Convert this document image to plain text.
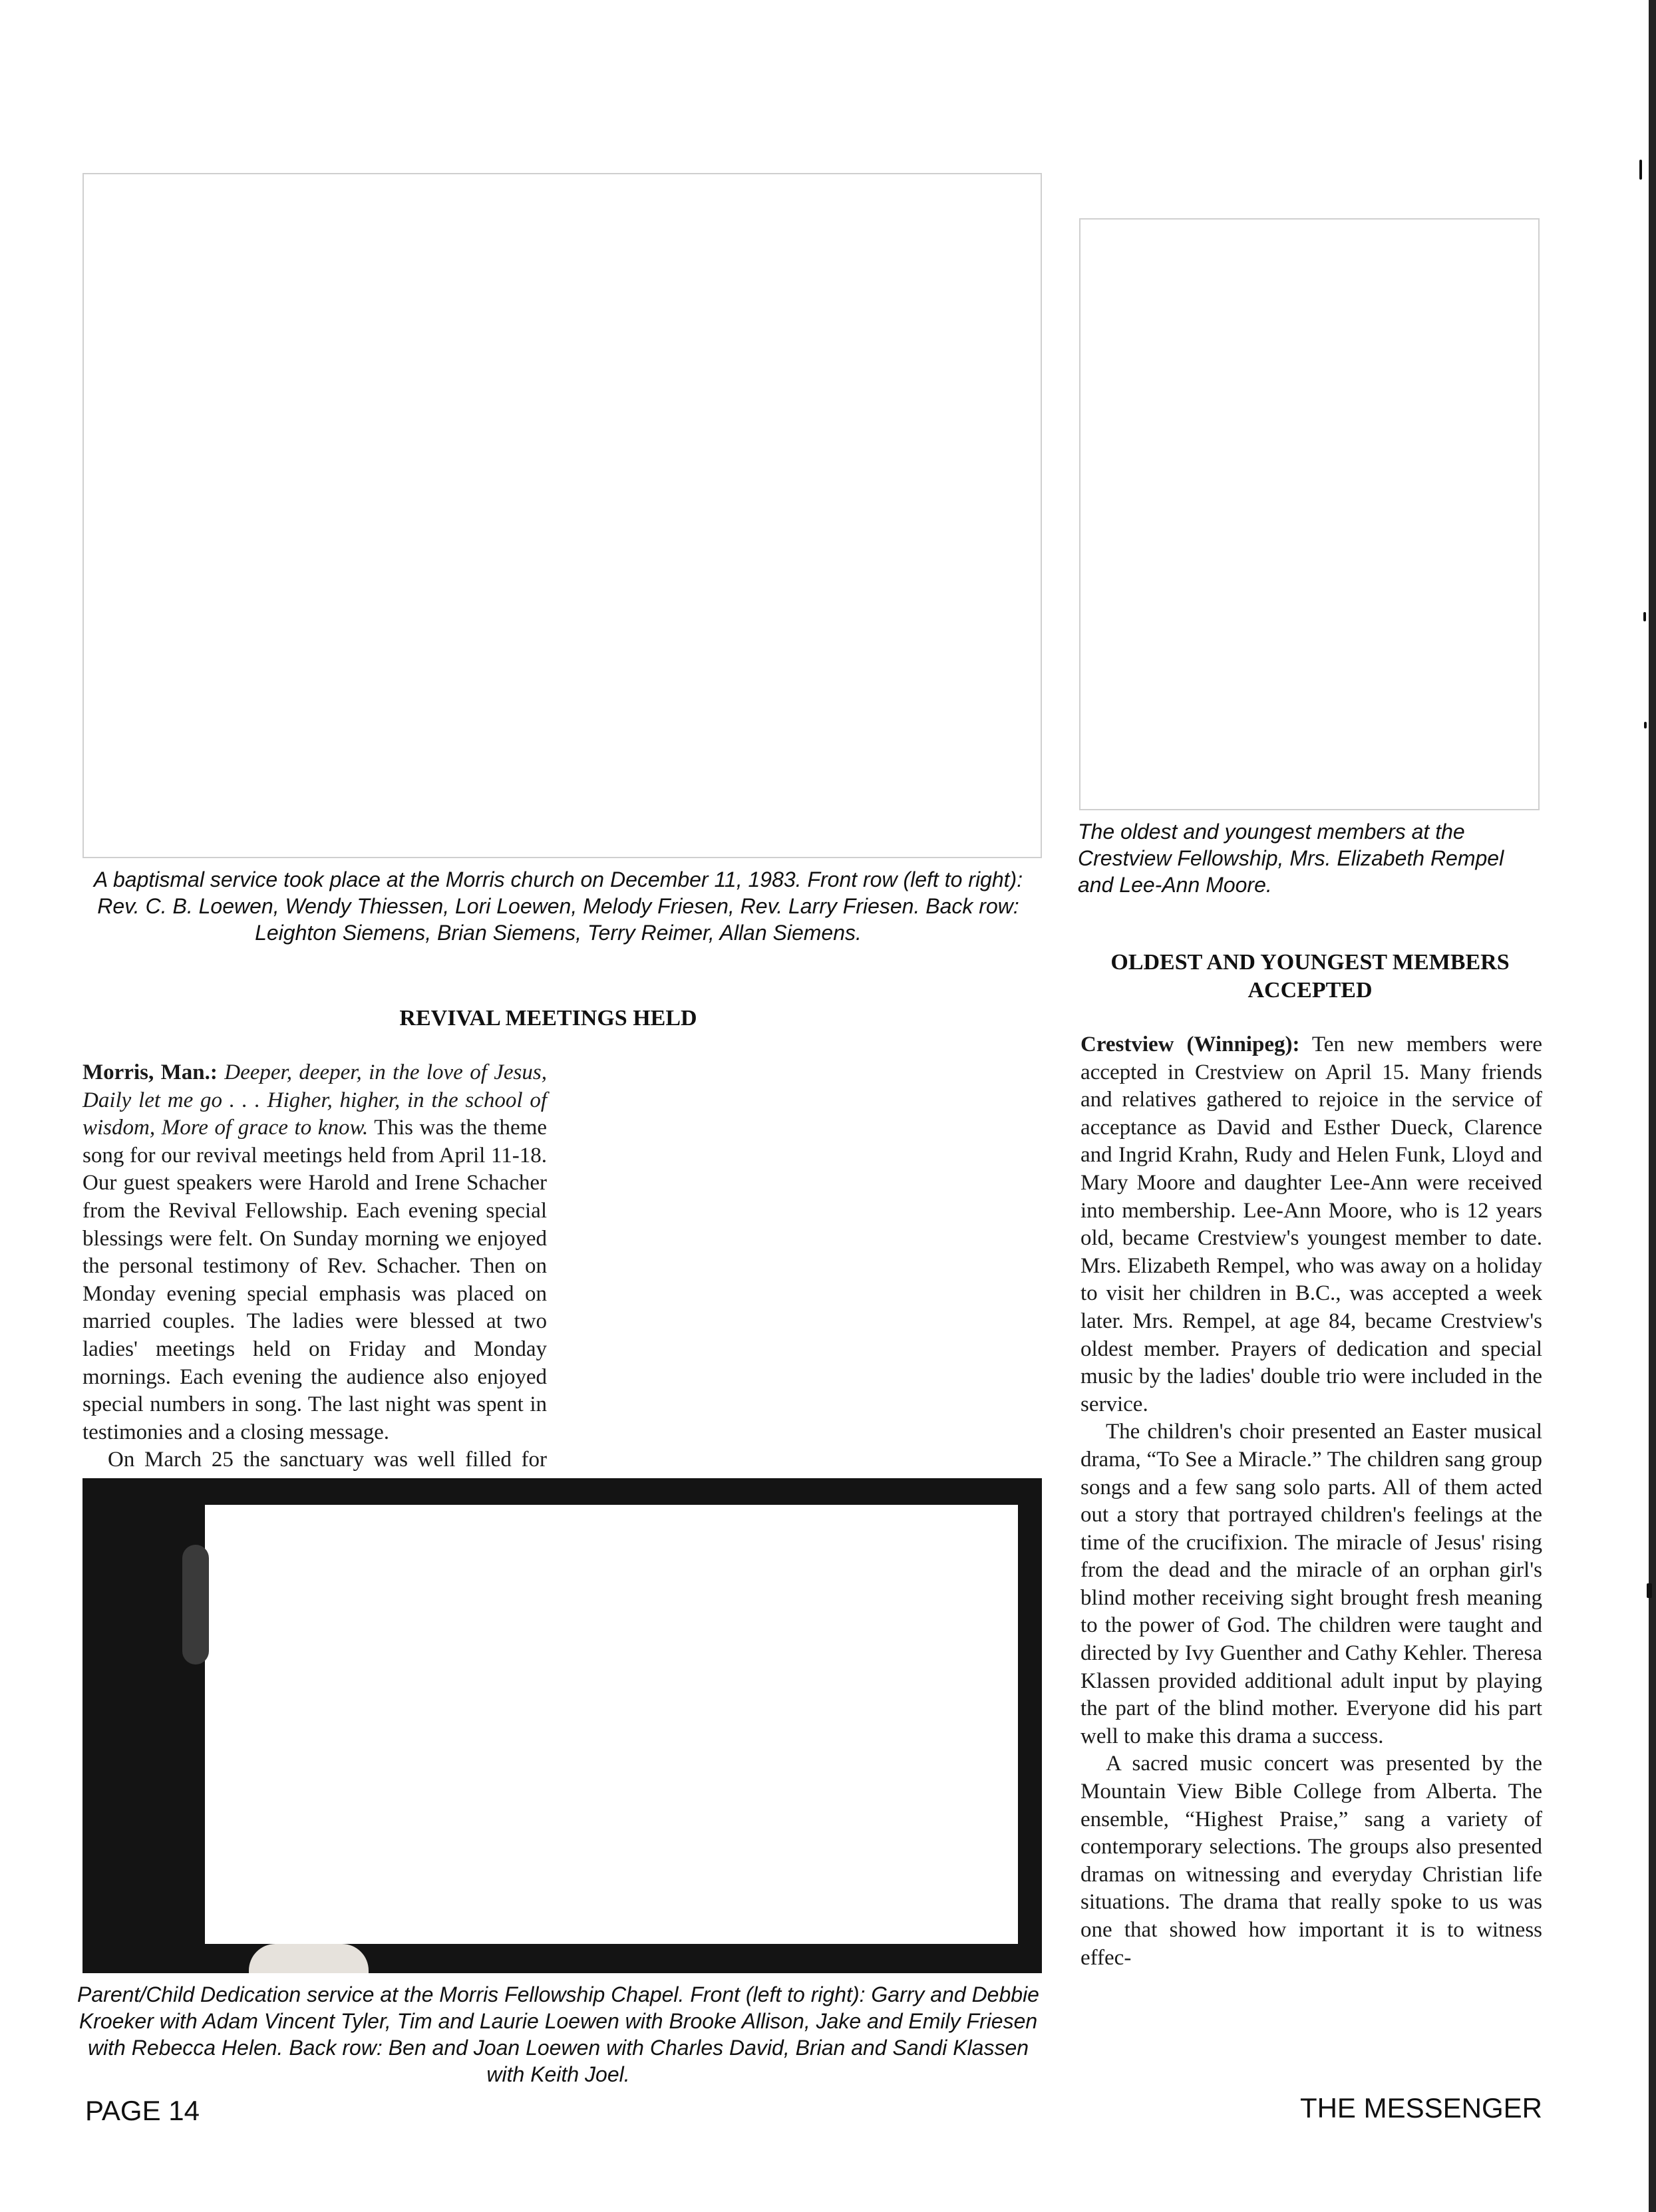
A baptismal service took place at the Morris church on December 11, 1983. Front row (left to right): Rev. C. B. Loewen, Wendy Thiessen, Lori Loewen, Melody Friesen, Rev. Larry Friesen. Back row: Leighton Siemens, Brian Siemens, Terry Reimer, Allan Siemens.
The oldest and youngest members at the Crestview Fellowship, Mrs. Elizabeth Rempel and Lee-Ann Moore.
REVIVAL MEETINGS HELD

Morris, Man.: Deeper, deeper, in the love of Jesus, Daily let me go . . . Higher, higher, in the school of wisdom, More of grace to know. This was the theme song for our revival meetings held from April 11-18. Our guest speakers were Harold and Irene Schacher from the Revival Fellowship. Each evening special blessings were felt. On Sunday morning we enjoyed the personal testimony of Rev. Schacher. Then on Monday evening special emphasis was placed on married couples. The ladies were blessed at two ladies' meetings held on Friday and Monday mornings. Each evening the audience also enjoyed special numbers in song. The last night was spent in testimonies and a closing message.

On March 25 the sanctuary was well filled for

Parent/Child Dedication service at the Morris Fellowship Chapel. Front (left to right): Garry and Debbie Kroeker with Adam Vincent Tyler, Tim and Laurie Loewen with Brooke Allison, Jake and Emily Friesen with Rebecca Helen. Back row: Ben and Joan Loewen with Charles David, Brian and Sandi Klassen with Keith Joel.
OLDEST AND YOUNGEST MEMBERS ACCEPTED

Crestview (Winnipeg): Ten new members were accepted in Crestview on April 15. Many friends and relatives gathered to rejoice in the service of acceptance as David and Esther Dueck, Clarence and Ingrid Krahn, Rudy and Helen Funk, Lloyd and Mary Moore and daughter Lee-Ann were received into membership. Lee-Ann Moore, who is 12 years old, became Crestview's youngest member to date. Mrs. Elizabeth Rempel, who was away on a holiday to visit her children in B.C., was accepted a week later. Mrs. Rempel, at age 84, became Crestview's oldest member. Prayers of dedication and special music by the ladies' double trio were included in the service.

The children's choir presented an Easter musical drama, “To See a Miracle.” The children sang group songs and a few sang solo parts. All of them acted out a story that portrayed children's feelings at the time of the crucifixion. The miracle of Jesus' rising from the dead and the miracle of an orphan girl's blind mother receiving sight brought fresh meaning to the power of God. The children were taught and directed by Ivy Guenther and Cathy Kehler. Theresa Klassen provided additional adult input by playing the part of the blind mother. Everyone did his part well to make this drama a success.

A sacred music concert was presented by the Mountain View Bible College from Alberta. The ensemble, “Highest Praise,” sang a variety of contemporary selections. The groups also presented dramas on witnessing and everyday Christian life situations. The drama that really spoke to us was one that showed how important it is to witness effec-

PAGE 14	THE MESSENGER
